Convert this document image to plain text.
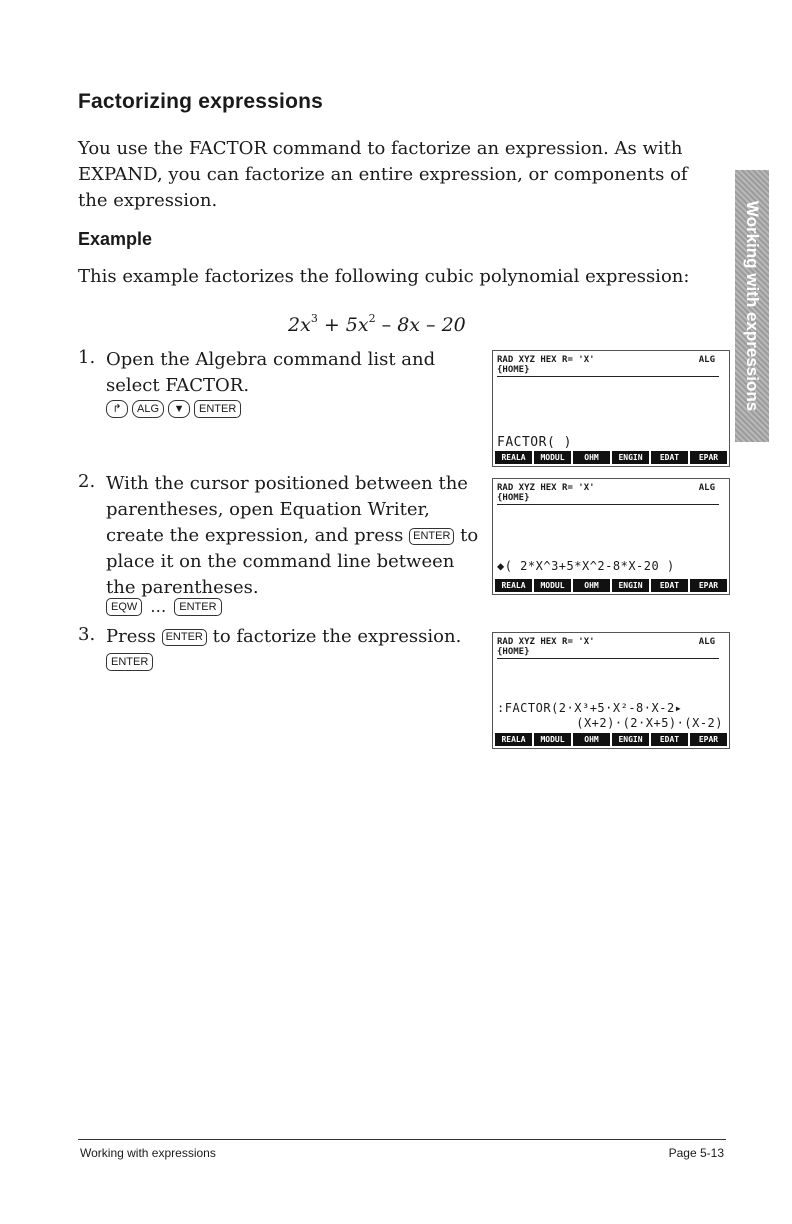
Factorizing expressions
You use the FACTOR command to factorize an expression. As with EXPAND, you can factorize an entire expression, or components of the expression.
Example
This example factorizes the following cubic polynomial expression:
$2x^3 + 5x^2 - 8x - 20$
1. Open the Algebra command list and select FACTOR.
↱	ALG	▼	ENTER
2. With the cursor positioned between the parentheses, open Equation Writer, create the expression, and press ENTER to place it on the command line between the parentheses.
EQW …	ENTER
3. Press ENTER to factorize the expression.
ENTER
RAD XYZ HEX R= 'X'	ALG
{HOME}
FACTOR( )
REALA	MODUL	OHM	ENGIN	EDAT	EPAR
RAD XYZ HEX R= 'X'	ALG
{HOME}
◆( 2*X^3+5*X^2-8*X-20 )
REALA	MODUL	OHM	ENGIN	EDAT	EPAR
RAD XYZ HEX R= 'X'	ALG
{HOME}
:FACTOR(2·X³+5·X²-8·X-2▸
(X+2)·(2·X+5)·(X-2)
REALA	MODUL	OHM	ENGIN	EDAT	EPAR
Working with expressions
Working with expressions	Page 5-13
